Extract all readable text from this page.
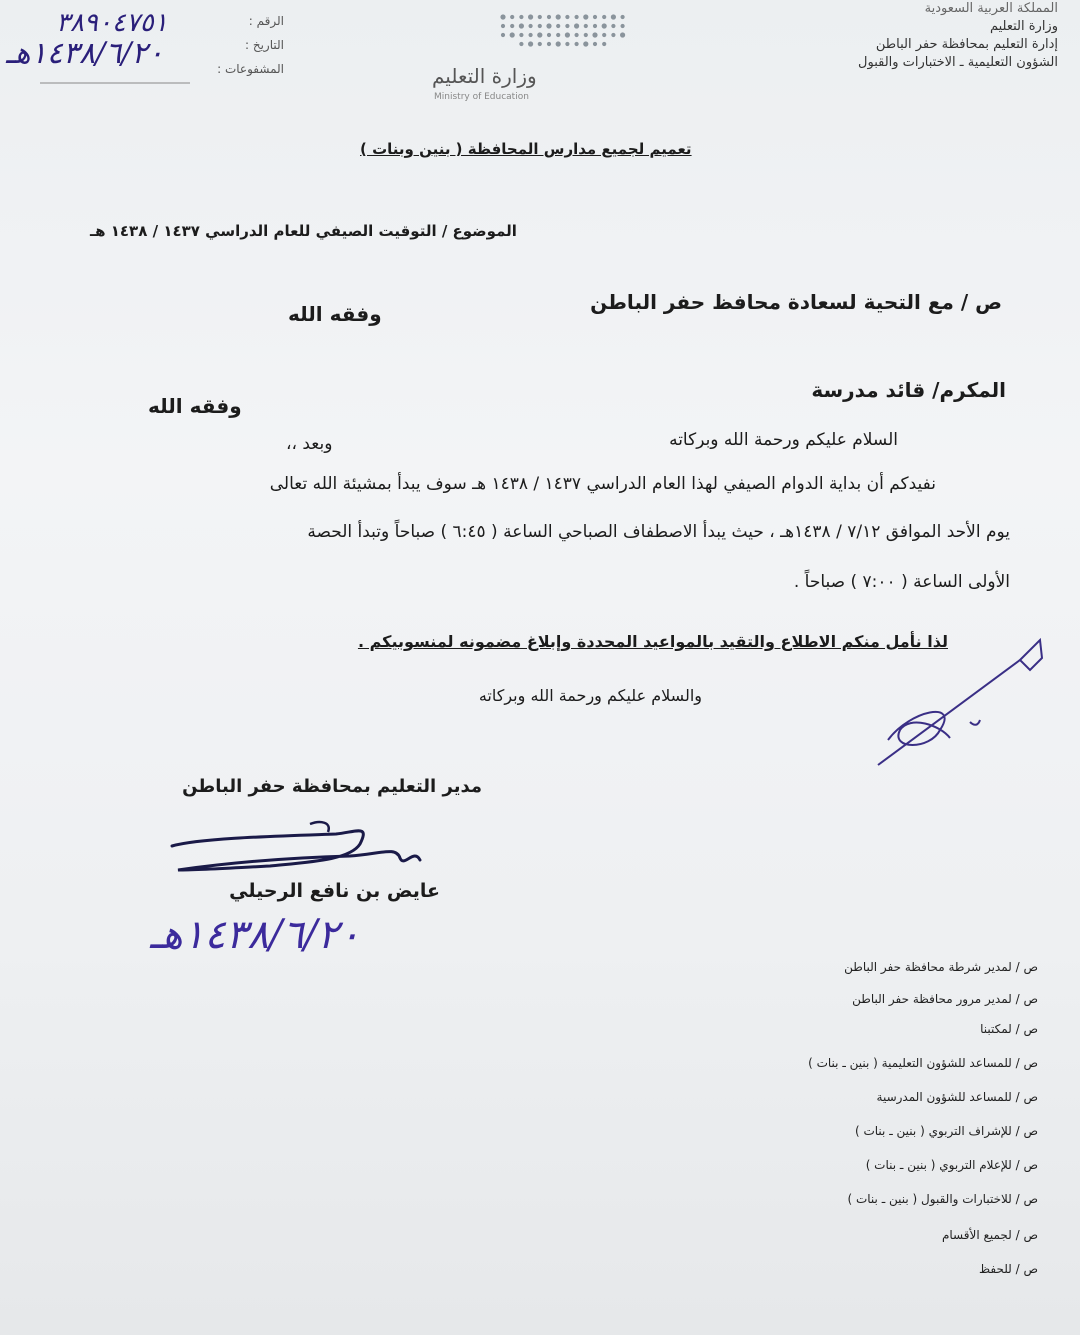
المملكة العربية السعودية
وزارة التعليم
إدارة التعليم بمحافظة حفر الباطن
الشؤون التعليمية ـ الاختبارات والقبول
وزارة التعليم
Ministry of Education
الرقم :
التاريخ :
المشفوعات :
٣٨٩٠٤٧٥١
١٤٣٨/٦/٢٠هـ
تعميم لجميع مدارس المحافظة ( بنين وبنات )
الموضوع / التوقيت الصيفي للعام الدراسي ١٤٣٧ / ١٤٣٨ هـ
ص / مع التحية لسعادة محافظ حفر الباطن
وفقه الله
المكرم/ قائد مدرسة
وفقه الله
السلام عليكم ورحمة الله وبركاته
وبعد ،،
نفيدكم أن بداية الدوام الصيفي لهذا العام الدراسي ١٤٣٧ / ١٤٣٨ هـ سوف يبدأ بمشيئة الله تعالى
يوم الأحد الموافق ٧/١٢ / ١٤٣٨هـ ، حيث يبدأ الاصطفاف الصباحي الساعة ( ٦:٤٥ ) صباحاً وتبدأ الحصة
الأولى الساعة ( ٧:٠٠ ) صباحاً .
لذا نأمل منكم الاطلاع والتقيد بالمواعيد المحددة وإبلاغ مضمونه لمنسوبيكم .
والسلام عليكم ورحمة الله وبركاته
مدير التعليم بمحافظة حفر الباطن
عايض بن نافع الرحيلي
١٤٣٨/٦/٢٠هـ
ص / لمدير شرطة محافظة حفر الباطن
ص / لمدير مرور محافظة حفر الباطن
ص / لمكتبنا
ص / للمساعد للشؤون التعليمية ( بنين ـ بنات )
ص / للمساعد للشؤون المدرسية
ص / للإشراف التربوي ( بنين ـ بنات )
ص / للإعلام التربوي ( بنين ـ بنات )
ص / للاختبارات والقبول ( بنين ـ بنات )
ص / لجميع الأقسام
ص / للحفظ
